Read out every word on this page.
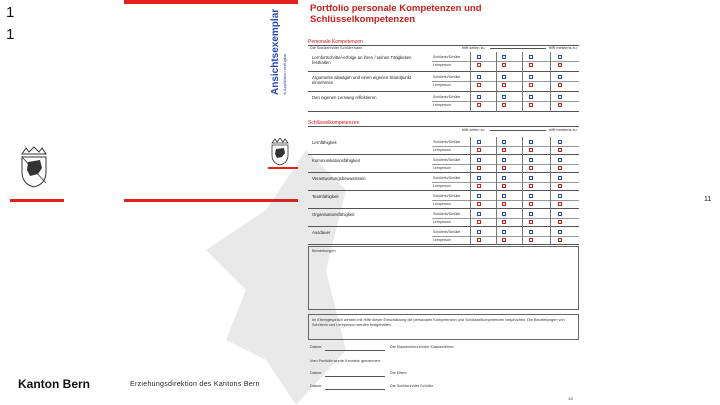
1
1
11
Kanton Bern	Erziehungsdirektion des Kantons Bern
Ansichtsexemplar in Applikation verfügbar
Portfolio personale Kompetenzen und
Schlüsselkompetenzen
Personale Kompetenzen
Die Schülerin/der Schüler kann	trifft selten zu	trifft meistens zu
Schlüsselkompetenzen
trifft selten zu	trifft meistens zu
Bemerkungen
Im Elterngespräch werden mit Hilfe dieser Einschätzung die personalen Kompetenzen und Schlüsselkompetenzen besprochen. Die Beurteilungen von Schülerin und Lehrperson werden festgehalten.
Datum:	Die Klassenlehrerin/der Klassenlehrer
Vom Portfolio wurde Kenntnis genommen:
Datum:	Die Eltern
Datum:	Die Schülerin/der Schüler
1/2
Lernfortschritte/-erfolge an ihren / seinen Tätigkeiten festhalten
Schülerin/Schüler
Lehrperson
Argumente abwägen und einen eigenen Standpunkt einnehmen
Schülerin/Schüler
Lehrperson
Den eigenen Lernweg reflektieren	Schülerin/Schüler
Lehrperson
Lernfähigkeit	Schülerin/Schüler
Lehrperson
Kommunikationsfähigkeit	Schülerin/Schüler
Lehrperson
Verantwortungsbewusstsein	Schülerin/Schüler
Lehrperson
Teamfähigkeit	Schülerin/Schüler
Lehrperson
Organisationsfähigkeit	Schülerin/Schüler
Lehrperson
Ausdauer	Schülerin/Schüler
Lehrperson
